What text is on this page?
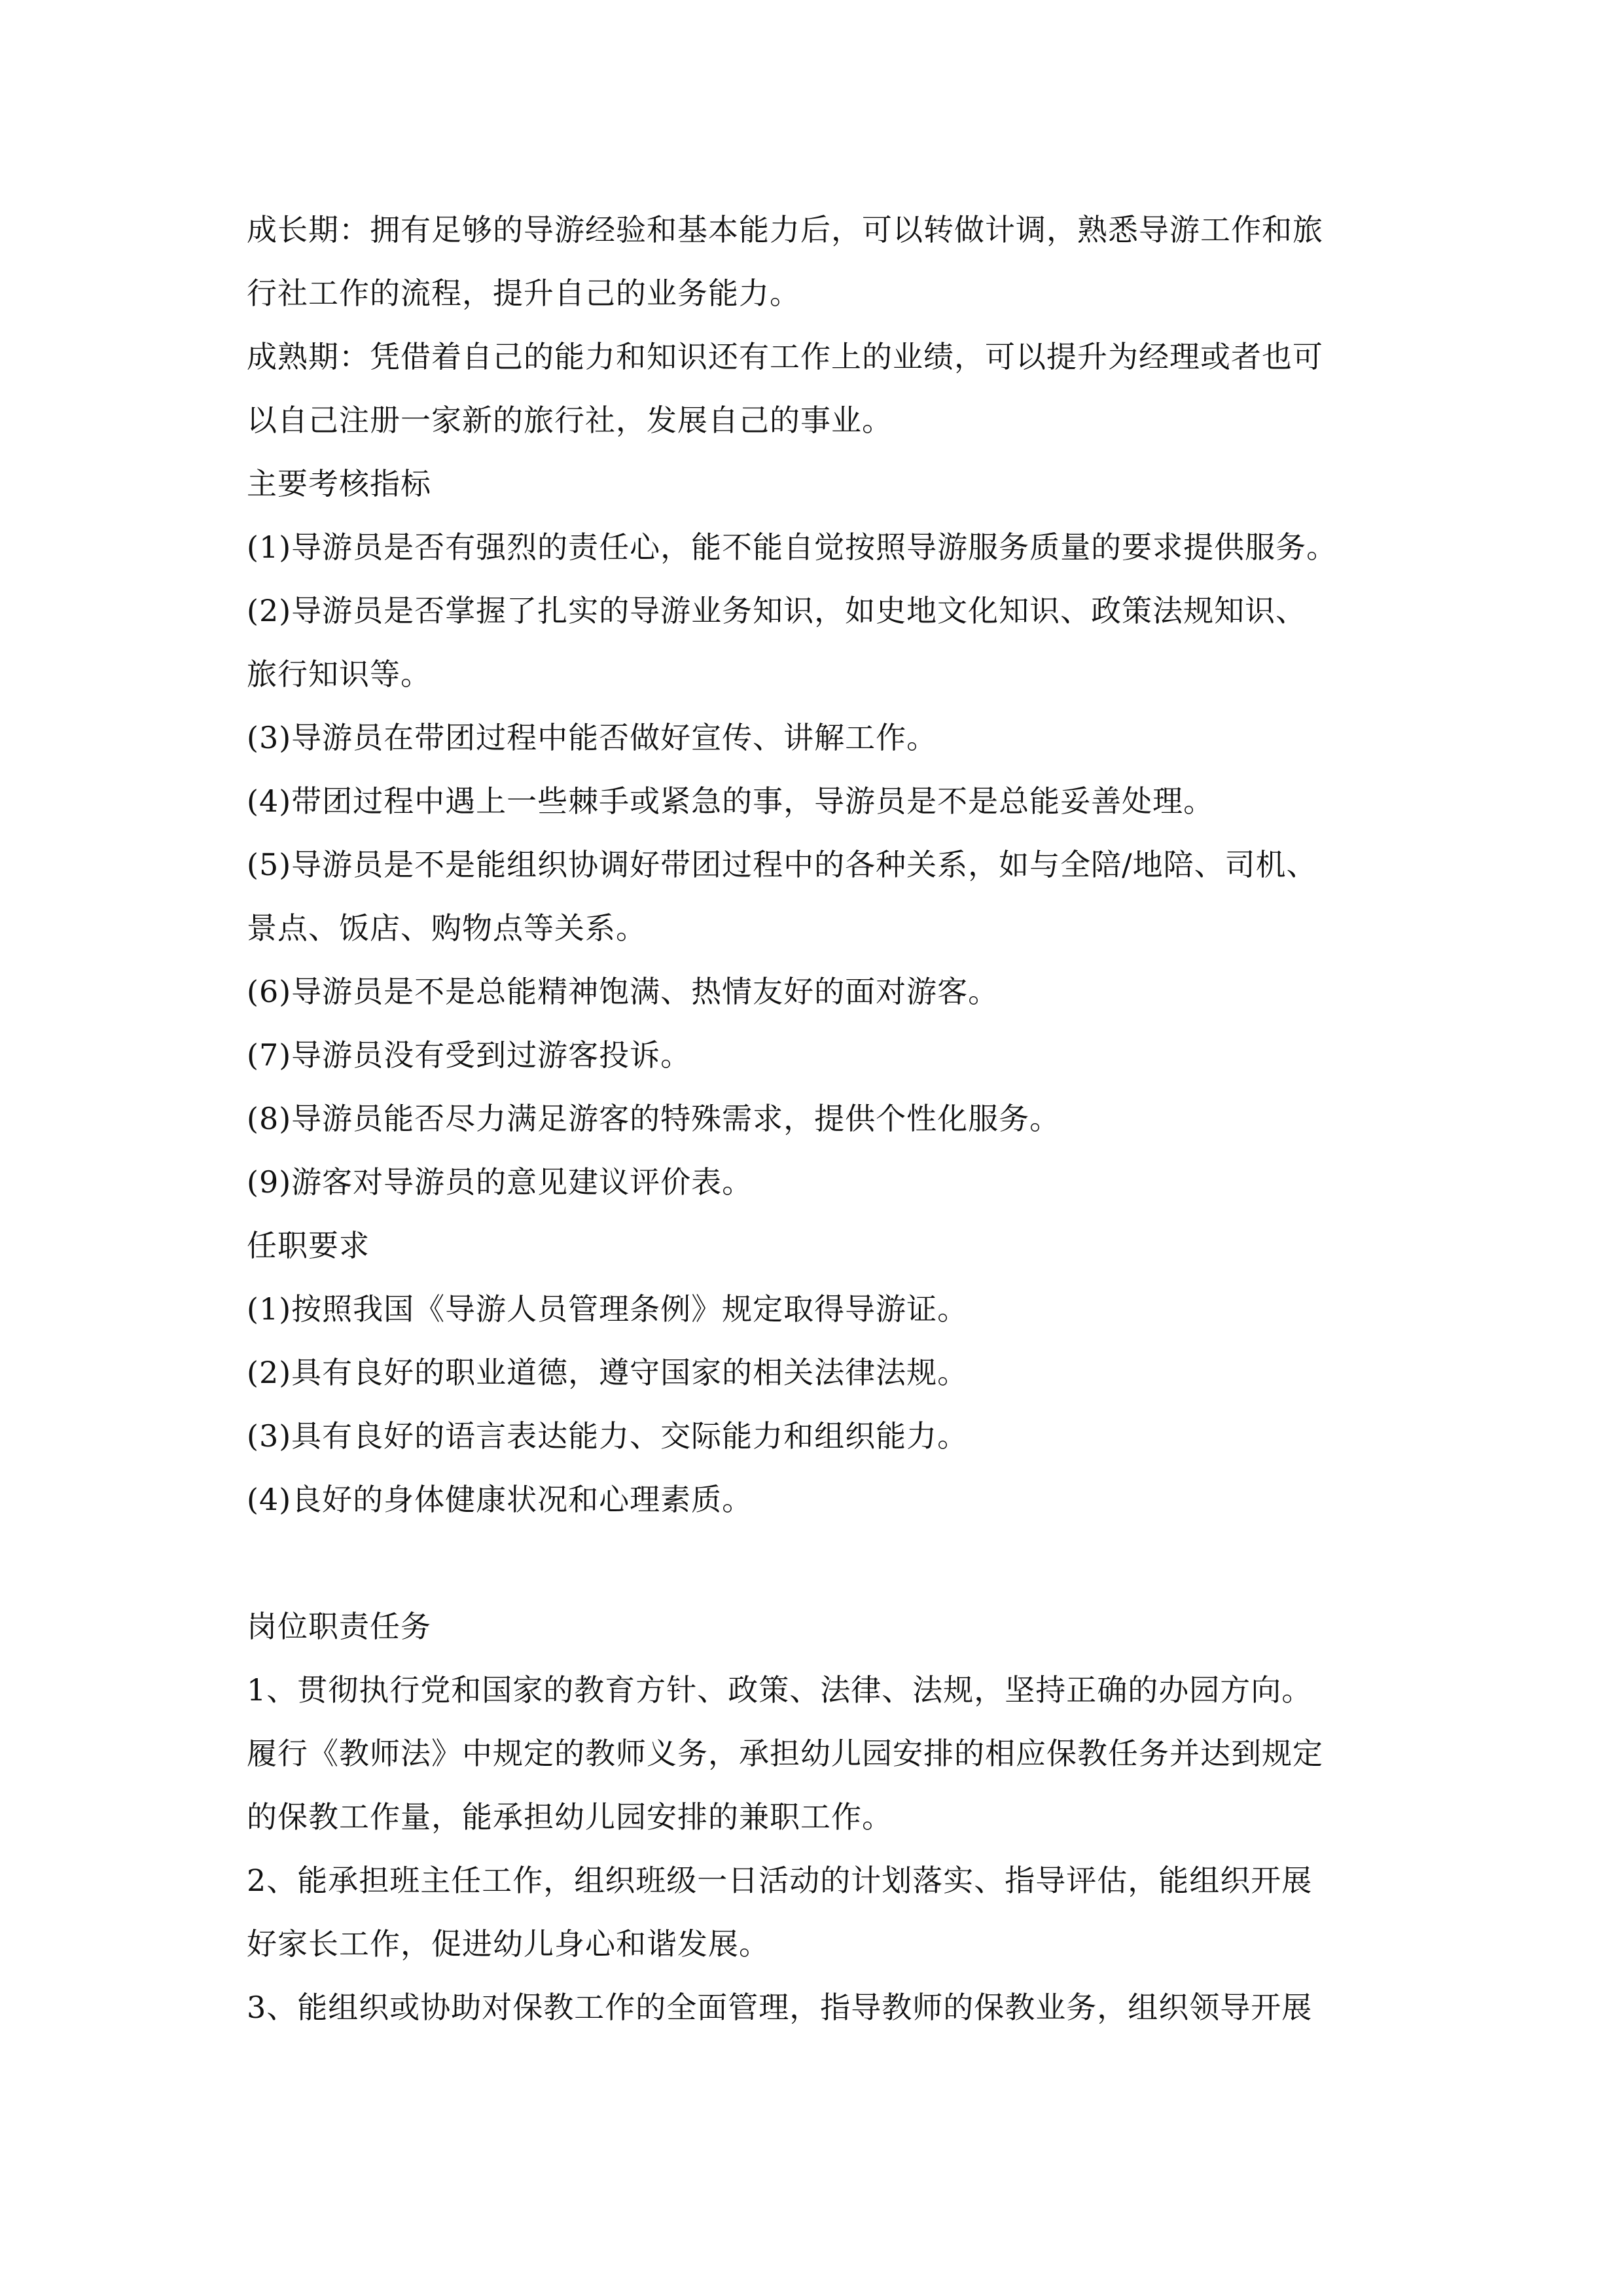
成长期：拥有足够的导游经验和基本能力后，可以转做计调，熟悉导游工作和旅
行社工作的流程，提升自己的业务能力。
成熟期：凭借着自己的能力和知识还有工作上的业绩，可以提升为经理或者也可
以自己注册一家新的旅行社，发展自己的事业。
主要考核指标
(1)导游员是否有强烈的责任心，能不能自觉按照导游服务质量的要求提供服务。
(2)导游员是否掌握了扎实的导游业务知识，如史地文化知识、政策法规知识、
旅行知识等。
(3)导游员在带团过程中能否做好宣传、讲解工作。
(4)带团过程中遇上一些棘手或紧急的事，导游员是不是总能妥善处理。
(5)导游员是不是能组织协调好带团过程中的各种关系，如与全陪/地陪、司机、
景点、饭店、购物点等关系。
(6)导游员是不是总能精神饱满、热情友好的面对游客。
(7)导游员没有受到过游客投诉。
(8)导游员能否尽力满足游客的特殊需求，提供个性化服务。
(9)游客对导游员的意见建议评价表。
任职要求
(1)按照我国《导游人员管理条例》规定取得导游证。
(2)具有良好的职业道德，遵守国家的相关法律法规。
(3)具有良好的语言表达能力、交际能力和组织能力。
(4)良好的身体健康状况和心理素质。
岗位职责任务
1、贯彻执行党和国家的教育方针、政策、法律、法规，坚持正确的办园方向。
履行《教师法》中规定的教师义务，承担幼儿园安排的相应保教任务并达到规定
的保教工作量，能承担幼儿园安排的兼职工作。
2、能承担班主任工作，组织班级一日活动的计划落实、指导评估，能组织开展
好家长工作，促进幼儿身心和谐发展。
3、能组织或协助对保教工作的全面管理，指导教师的保教业务，组织领导开展
